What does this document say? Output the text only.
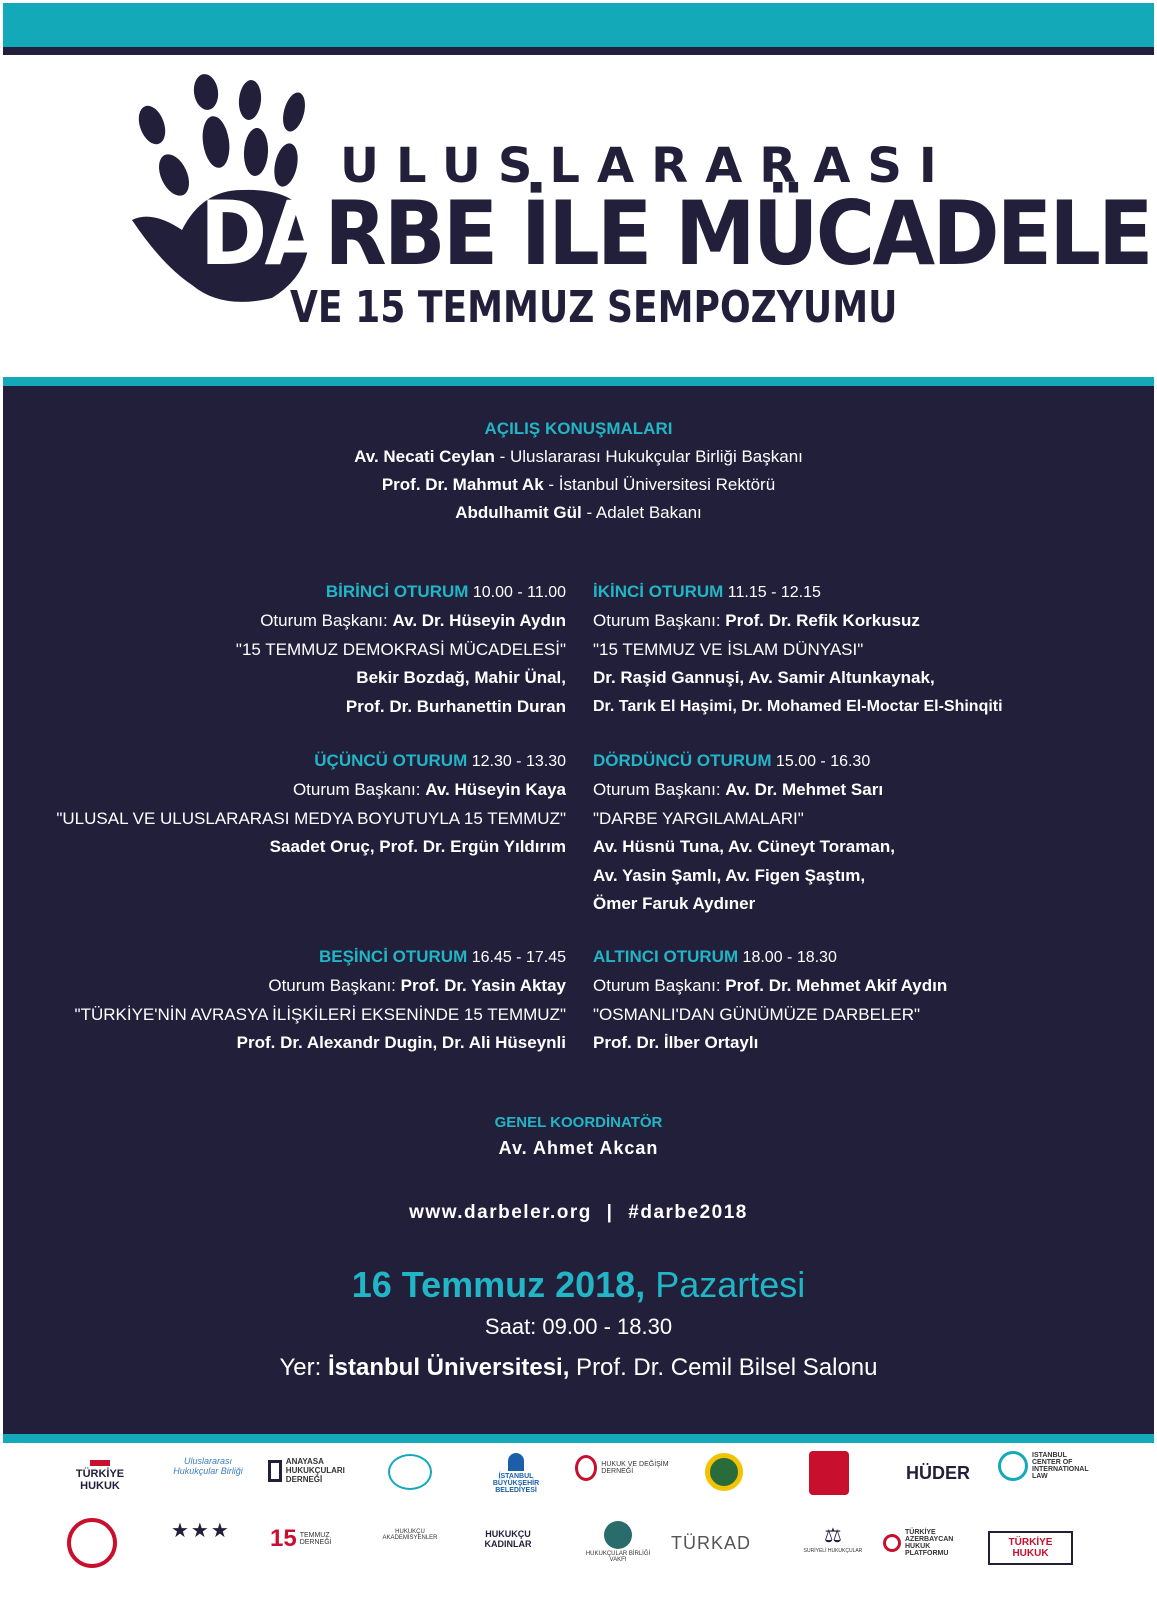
ULUSLARARASI
DARBE İLE MÜCADELE
VE 15 TEMMUZ SEMPOZYUMU
AÇILIŞ KONUŞMALARI
Av. Necati Ceylan - Uluslararası Hukukçular Birliği Başkanı
Prof. Dr. Mahmut Ak - İstanbul Üniversitesi Rektörü
Abdulhamit Gül - Adalet Bakanı
BİRİNCİ OTURUM 10.00 - 11.00
Oturum Başkanı: Av. Dr. Hüseyin Aydın
"15 TEMMUZ DEMOKRASİ MÜCADELESİ"
Bekir Bozdağ, Mahir Ünal,
Prof. Dr. Burhanettin Duran
İKİNCİ OTURUM 11.15 - 12.15
Oturum Başkanı: Prof. Dr. Refik Korkusuz
"15 TEMMUZ VE İSLAM DÜNYASI"
Dr. Raşid Gannuşi, Av. Samir Altunkaynak,
Dr. Tarık El Haşimi, Dr. Mohamed El-Moctar El-Shinqiti
ÜÇÜNCÜ OTURUM 12.30 - 13.30
Oturum Başkanı: Av. Hüseyin Kaya
"ULUSAL VE ULUSLARARASI MEDYA BOYUTUYLA 15 TEMMUZ"
Saadet Oruç, Prof. Dr. Ergün Yıldırım
DÖRDÜNCÜ OTURUM 15.00 - 16.30
Oturum Başkanı: Av. Dr. Mehmet Sarı
"DARBE YARGILAMALARI"
Av. Hüsnü Tuna, Av. Cüneyt Toraman,
Av. Yasin Şamlı, Av. Figen Şaştım,
Ömer Faruk Aydıner
BEŞİNCİ OTURUM 16.45 - 17.45
Oturum Başkanı: Prof. Dr. Yasin Aktay
"TÜRKİYE'NİN AVRASYA İLİŞKİLERİ EKSENİNDE 15 TEMMUZ"
Prof. Dr. Alexandr Dugin, Dr. Ali Hüseynli
ALTINCI OTURUM 18.00 - 18.30
Oturum Başkanı: Prof. Dr. Mehmet Akif Aydın
"OSMANLI'DAN GÜNÜMÜZE DARBELER"
Prof. Dr. İlber Ortaylı
GENEL KOORDİNATÖR
Av. Ahmet Akcan
www.darbeler.org | #darbe2018
16 Temmuz 2018, Pazartesi
Saat: 09.00 - 18.30
Yer: İstanbul Üniversitesi, Prof. Dr. Cemil Bilsel Salonu
TÜRKİYE HUKUK
Uluslararası Hukukçular Birliği
ANAYASA HUKUKÇULARI DERNEĞİ	İSTANBUL BÜYÜKŞEHİR BELEDİYESİ
HUKUK VE DEĞİŞİM DERNEĞİ	HÜDER
ISTANBUL CENTER OF INTERNATIONAL LAW
★★★ 15 TEMMUZ DERNEĞİ
HUKUKÇU AKADEMİSYENLER	HUKUKÇU KADINLAR
HUKUKÇULAR BİRLİĞİ VAKFI
TÜRKAD	⚖
SURİYELİ HUKUKÇULAR
TÜRKİYE AZERBAYCAN HUKUK PLATFORMU
TÜRKİYE HUKUK
